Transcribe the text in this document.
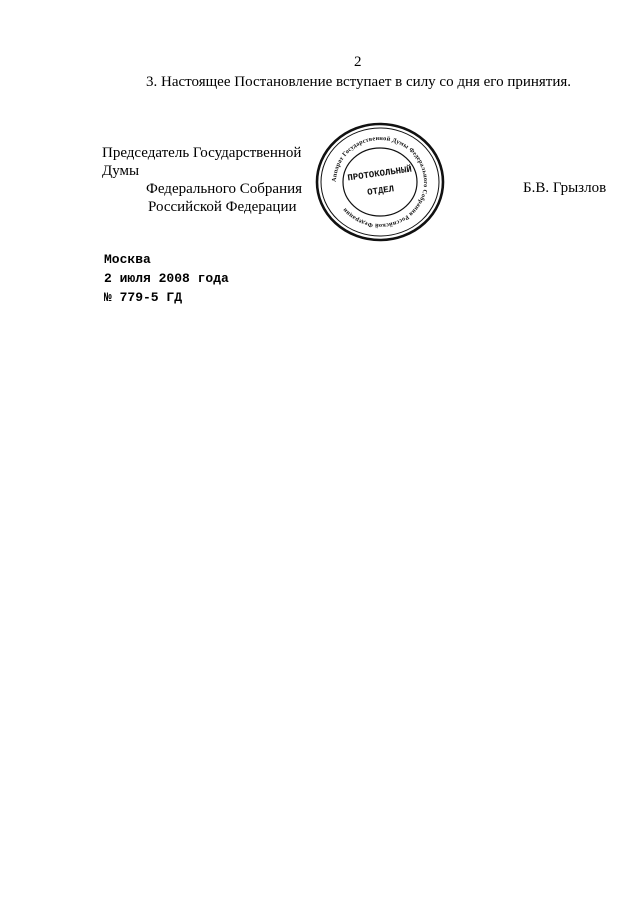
2
3. Настоящее Постановление вступает в силу со дня его принятия.
Председатель Государственной Думы
Федерального Собрания
Российской Федерации
Аппарат Государственной Думы Федерального Собрания Российской Федерации
ПРОТОКОЛЬНЫЙ
ОТДЕЛ	Б.В. Грызлов
Москва
2 июля 2008 года
№ 779-5 ГД
